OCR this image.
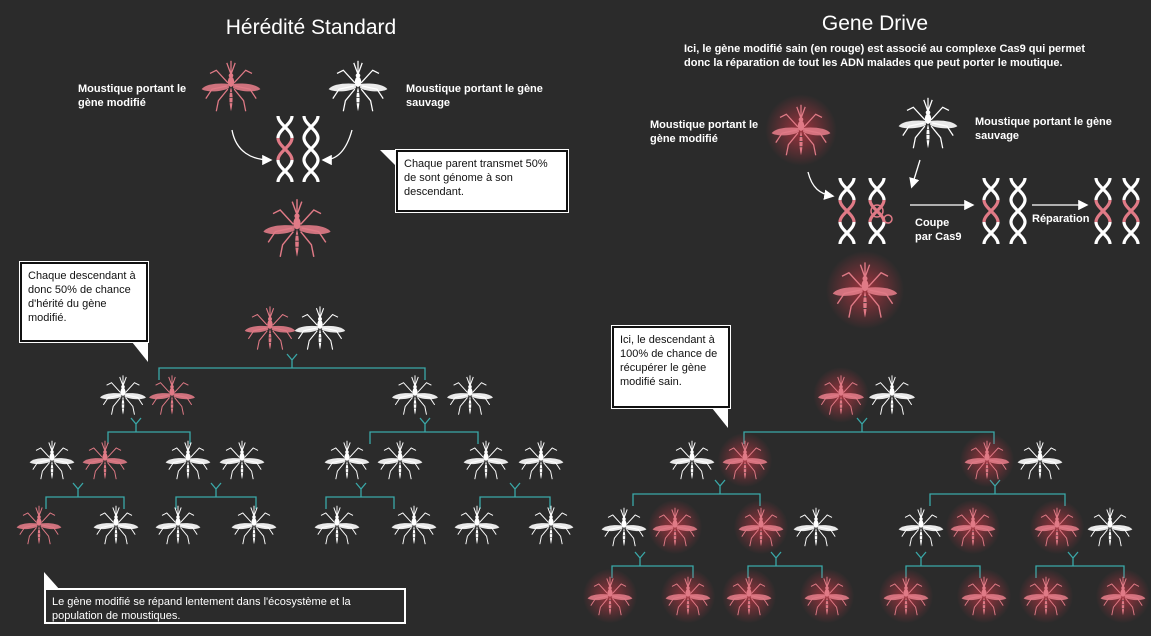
Hérédité Standard	Gene Drive
Moustique portant le gène modifié
Moustique portant le gène sauvage
Chaque parent transmet 50% de sont génome à son descendant.
Chaque descendant à donc 50% de chance d'hérité du gène modifié.
Le gène modifié se répand lentement dans l'écosystème et la population de moustiques.
Ici, le gène modifié sain (en rouge) est associé au complexe Cas9 qui permet donc la réparation de tout les ADN malades que peut porter le moutique.
Moustique portant le gène modifié
Moustique portant le gène sauvage
Coupe par Cas9
Réparation
Ici, le descendant à 100% de chance de récupérer le gène modifié sain.
